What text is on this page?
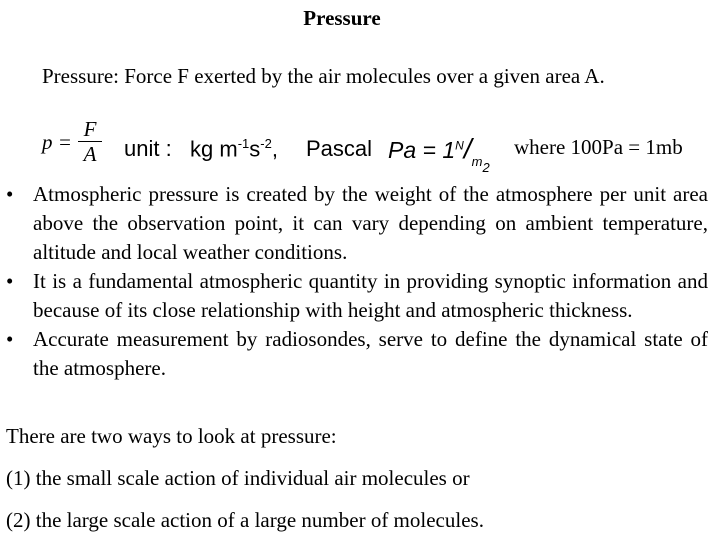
Pressure
Pressure: Force F exerted by the air molecules over a given area A.
p =
F
A unit : kg $m^{-1}s^{-2}$, Pascal $Pa = 1^N/_{m2}$
where 100Pa = 1mb
• Atmospheric pressure is created by the weight of the atmosphere per unit area above the observation point, it can vary depending on ambient temperature, altitude and local weather conditions.
• It is a fundamental atmospheric quantity in providing synoptic information and because of its close relationship with height and atmospheric thickness.
• Accurate measurement by radiosondes, serve to define the dynamical state of the atmosphere.
There are two ways to look at pressure:
(1) the small scale action of individual air molecules or
(2) the large scale action of a large number of molecules.
